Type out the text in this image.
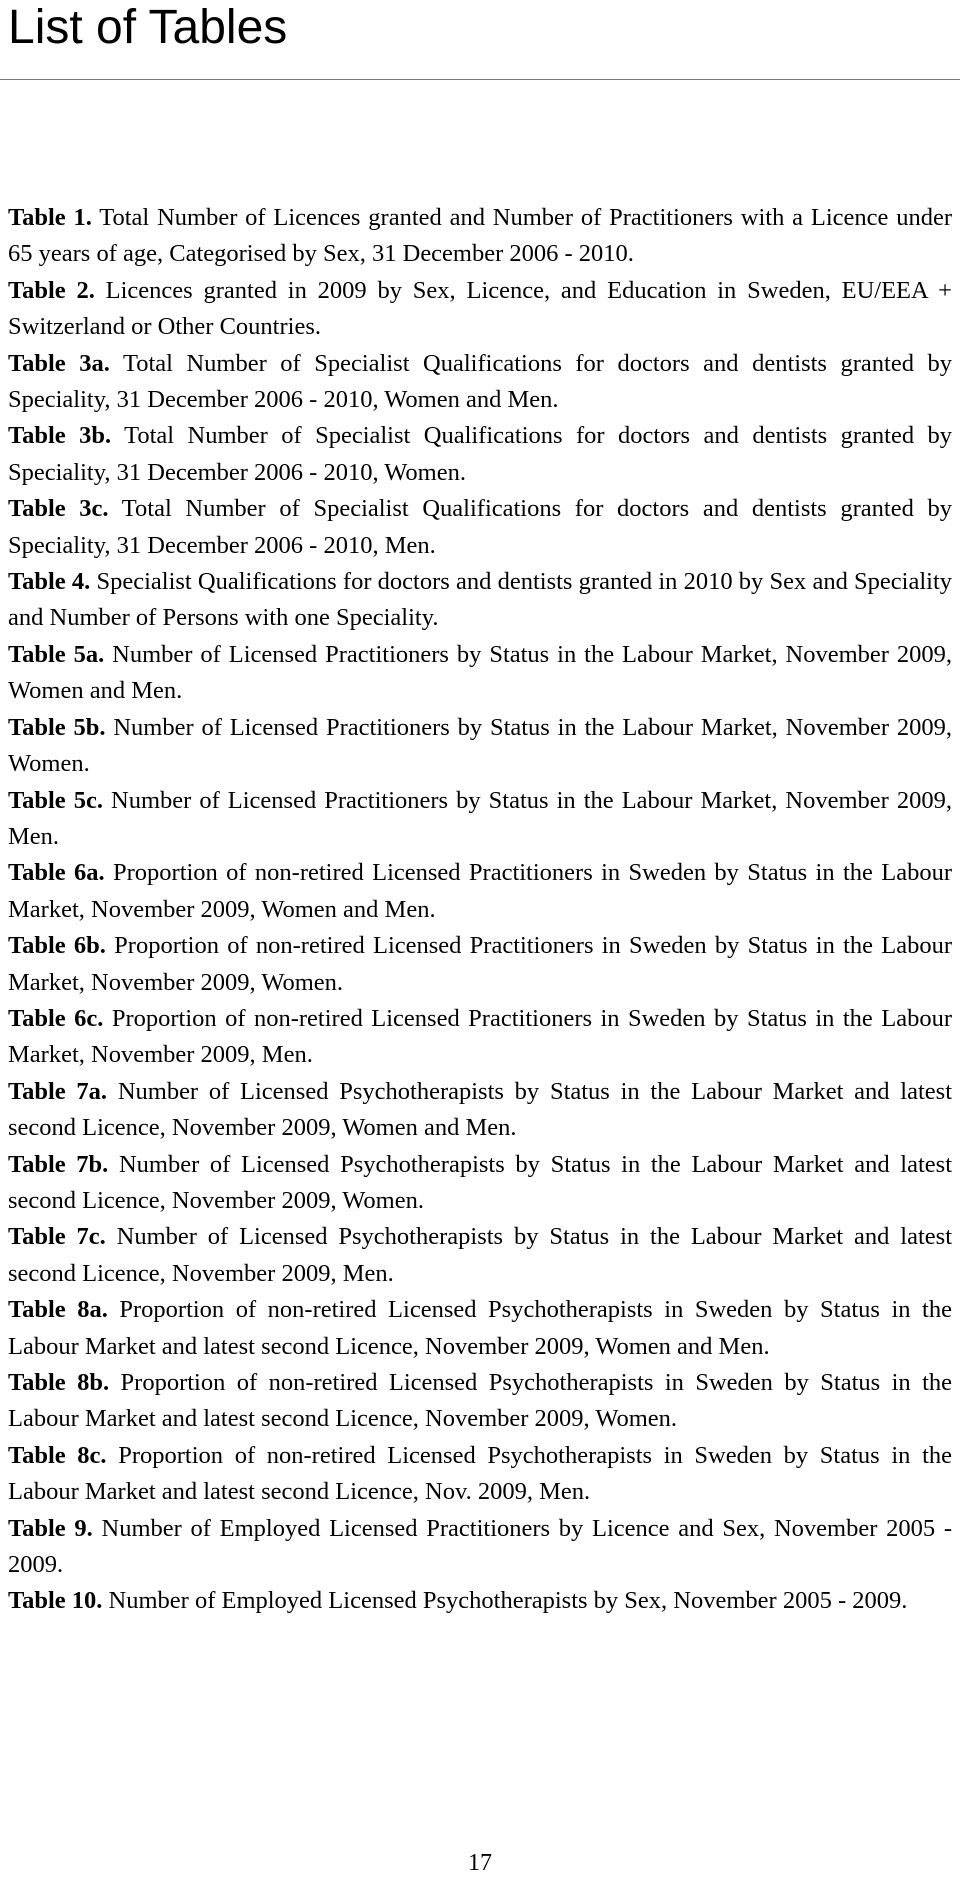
List of Tables

Table 1. Total Number of Licences granted and Number of Practitioners with a Licence under 65 years of age, Categorised by Sex, 31 December 2006 - 2010.

Table 2. Licences granted in 2009 by Sex, Licence, and Education in Sweden, EU/EEA + Switzerland or Other Countries.

Table 3a. Total Number of Specialist Qualifications for doctors and dentists granted by Speciality, 31 December 2006 - 2010, Women and Men.

Table 3b. Total Number of Specialist Qualifications for doctors and dentists granted by Speciality, 31 December 2006 - 2010, Women.

Table 3c. Total Number of Specialist Qualifications for doctors and dentists granted by Speciality, 31 December 2006 - 2010, Men.

Table 4. Specialist Qualifications for doctors and dentists granted in 2010 by Sex and Speciality and Number of Persons with one Speciality.

Table 5a. Number of Licensed Practitioners by Status in the Labour Market, November 2009, Women and Men.

Table 5b. Number of Licensed Practitioners by Status in the Labour Market, November 2009, Women.

Table 5c. Number of Licensed Practitioners by Status in the Labour Market, November 2009, Men.

Table 6a. Proportion of non-retired Licensed Practitioners in Sweden by Status in the Labour Market, November 2009, Women and Men.

Table 6b. Proportion of non-retired Licensed Practitioners in Sweden by Status in the Labour Market, November 2009, Women.

Table 6c. Proportion of non-retired Licensed Practitioners in Sweden by Status in the Labour Market, November 2009, Men.

Table 7a. Number of Licensed Psychotherapists by Status in the Labour Market and latest second Licence, November 2009, Women and Men.

Table 7b. Number of Licensed Psychotherapists by Status in the Labour Market and latest second Licence, November 2009, Women.

Table 7c. Number of Licensed Psychotherapists by Status in the Labour Market and latest second Licence, November 2009, Men.

Table 8a. Proportion of non-retired Licensed Psychotherapists in Sweden by Status in the Labour Market and latest second Licence, November 2009, Women and Men.

Table 8b. Proportion of non-retired Licensed Psychotherapists in Sweden by Status in the Labour Market and latest second Licence, November 2009, Women.

Table 8c. Proportion of non-retired Licensed Psychotherapists in Sweden by Status in the Labour Market and latest second Licence, Nov. 2009, Men.

Table 9. Number of Employed Licensed Practitioners by Licence and Sex, November 2005 - 2009.

Table 10. Number of Employed Licensed Psychotherapists by Sex, November 2005 - 2009.

17
